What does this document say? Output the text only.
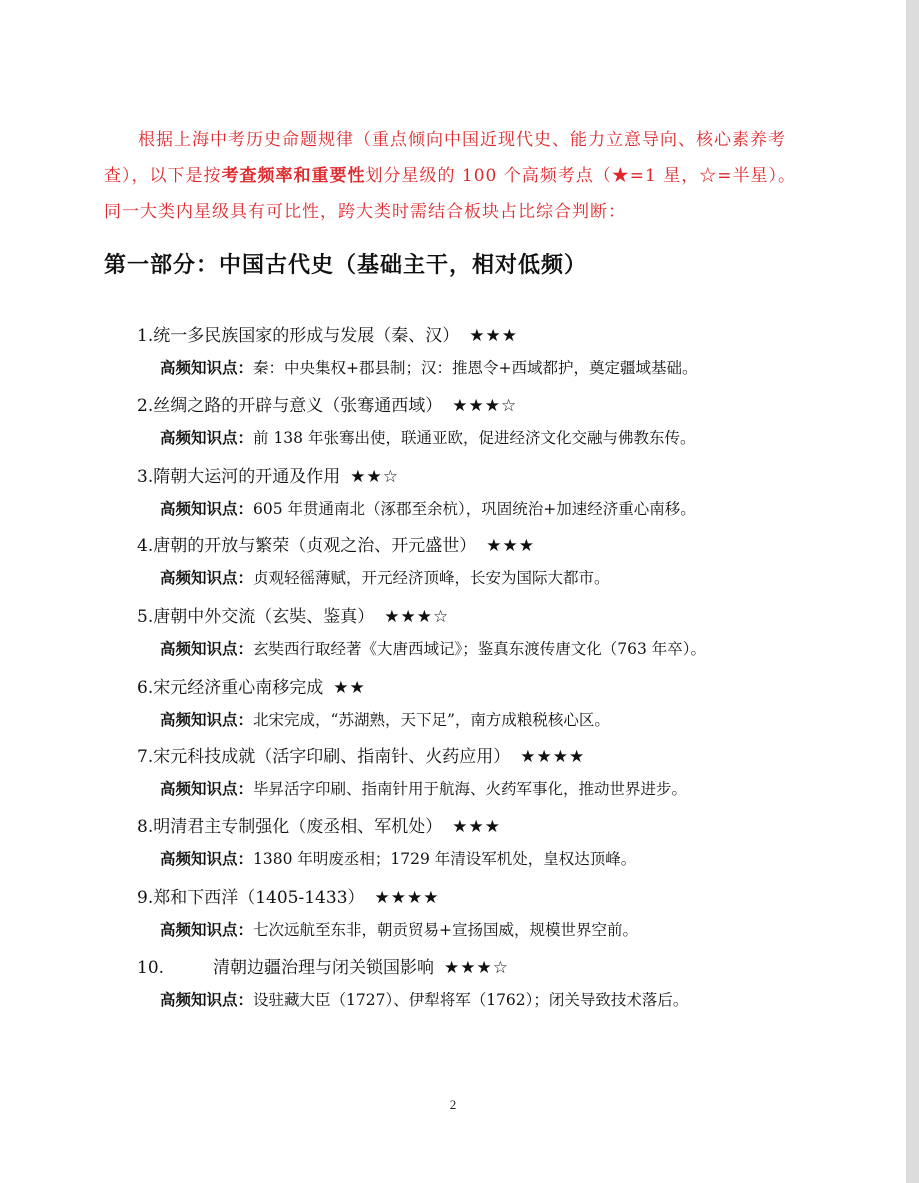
根据上海中考历史命题规律（重点倾向中国近现代史、能力立意导向、核心素养考查），以下是按考查频率和重要性划分星级的 100 个高频考点（★=1 星，☆=半星）。同一大类内星级具有可比性，跨大类时需结合板块占比综合判断：
第一部分：中国古代史（基础主干，相对低频）
1.统一多民族国家的形成与发展（秦、汉） ★★★
高频知识点：秦：中央集权+郡县制；汉：推恩令+西域都护，奠定疆域基础。
2.丝绸之路的开辟与意义（张骞通西域） ★★★☆
高频知识点：前 138 年张骞出使，联通亚欧，促进经济文化交融与佛教东传。
3.隋朝大运河的开通及作用 ★★☆
高频知识点：605 年贯通南北（涿郡至余杭），巩固统治+加速经济重心南移。
4.唐朝的开放与繁荣（贞观之治、开元盛世） ★★★
高频知识点：贞观轻徭薄赋，开元经济顶峰，长安为国际大都市。
5.唐朝中外交流（玄奘、鉴真） ★★★☆
高频知识点：玄奘西行取经著《大唐西域记》；鉴真东渡传唐文化（763 年卒）。
6.宋元经济重心南移完成 ★★
高频知识点：北宋完成，“苏湖熟，天下足”，南方成粮税核心区。
7.宋元科技成就（活字印刷、指南针、火药应用） ★★★★
高频知识点：毕昇活字印刷、指南针用于航海、火药军事化，推动世界进步。
8.明清君主专制强化（废丞相、军机处） ★★★
高频知识点：1380 年明废丞相；1729 年清设军机处，皇权达顶峰。
9.郑和下西洋（1405-1433） ★★★★
高频知识点：七次远航至东非，朝贡贸易+宣扬国威，规模世界空前。
10.	清朝边疆治理与闭关锁国影响 ★★★☆
高频知识点：设驻藏大臣（1727）、伊犁将军（1762）；闭关导致技术落后。
2
